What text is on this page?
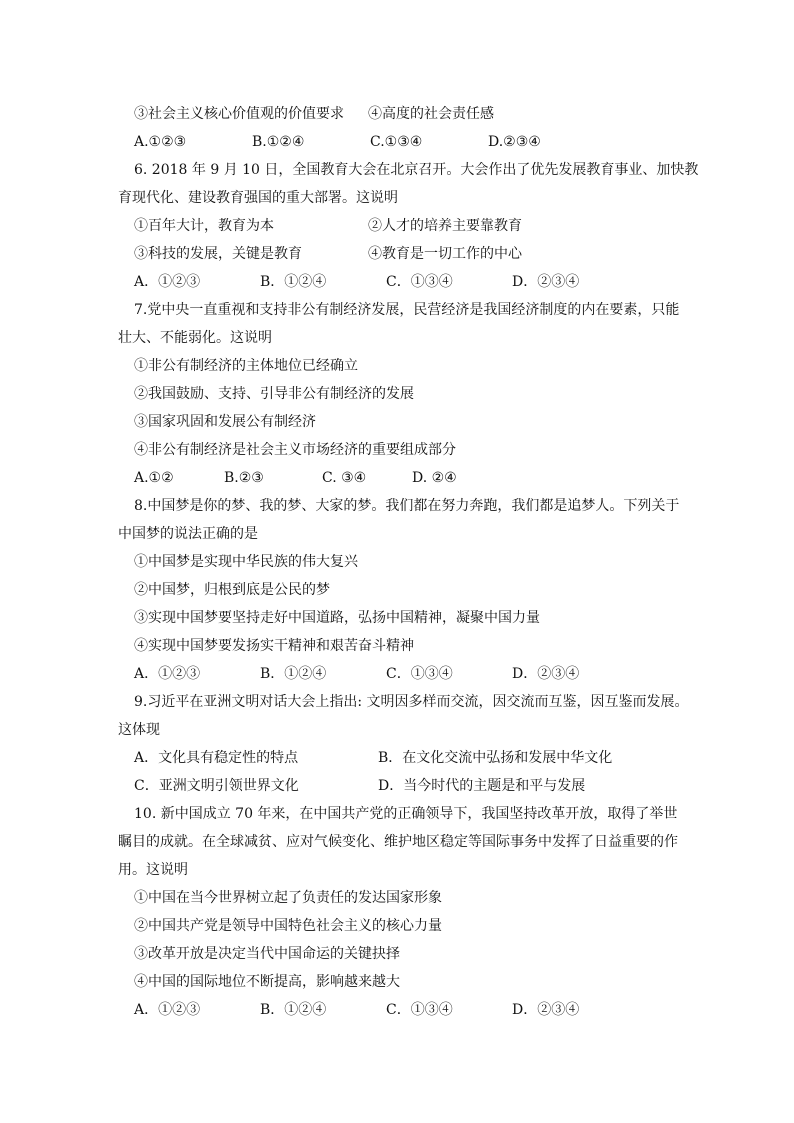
③社会主义核心价值观的价值要求 ④高度的社会责任感
A.①②③	B.①②④	C.①③④	D.②③④
6. 2018 年 9 月 10 日，全国教育大会在北京召开。大会作出了优先发展教育事业、加快教
育现代化、建设教育强国的重大部署。这说明
①百年大计，教育为本	②人才的培养主要靠教育
③科技的发展，关键是教育	④教育是一切工作的中心
A．①②③	B．①②④	C．①③④	D．②③④
7.党中央一直重视和支持非公有制经济发展，民营经济是我国经济制度的内在要素，只能
壮大、不能弱化。这说明
①非公有制经济的主体地位已经确立
②我国鼓励、支持、引导非公有制经济的发展
③国家巩固和发展公有制经济
④非公有制经济是社会主义市场经济的重要组成部分
A.①②	B.②③	C. ③④	D. ②④
8.中国梦是你的梦、我的梦、大家的梦。我们都在努力奔跑，我们都是追梦人。下列关于
中国梦的说法正确的是
①中国梦是实现中华民族的伟大复兴
②中国梦，归根到底是公民的梦
③实现中国梦要坚持走好中国道路，弘扬中国精神，凝聚中国力量
④实现中国梦要发扬实干精神和艰苦奋斗精神
A．①②③	B．①②④	C．①③④	D．②③④
9.习近平在亚洲文明对话大会上指出: 文明因多样而交流，因交流而互鉴，因互鉴而发展。
这体现
A．文化具有稳定性的特点	B．在文化交流中弘扬和发展中华文化
C．亚洲文明引领世界文化	D．当今时代的主题是和平与发展
10. 新中国成立 70 年来，在中国共产党的正确领导下，我国坚持改革开放，取得了举世
瞩目的成就。在全球减贫、应对气候变化、维护地区稳定等国际事务中发挥了日益重要的作
用。这说明
①中国在当今世界树立起了负责任的发达国家形象
②中国共产党是领导中国特色社会主义的核心力量
③改革开放是决定当代中国命运的关键抉择
④中国的国际地位不断提高，影响越来越大
A．①②③	B．①②④	C．①③④	D．②③④
